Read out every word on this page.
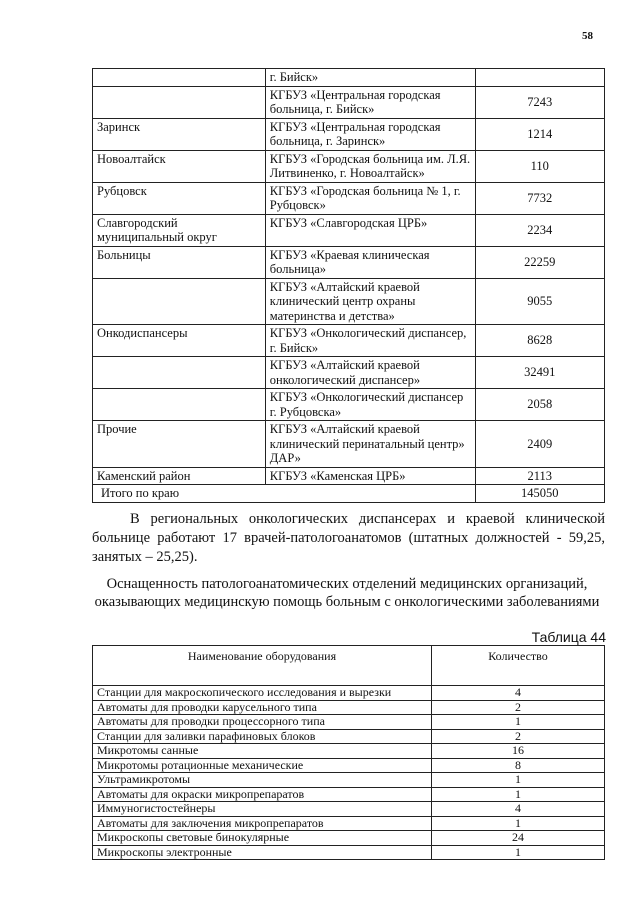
58
	г. Бийск»	
	КГБУЗ «Центральная городская больница, г. Бийск»	7243
Заринск	КГБУЗ «Центральная городская больница, г. Заринск»	1214
Новоалтайск	КГБУЗ «Городская больница им. Л.Я. Литвиненко, г. Новоалтайск»	110
Рубцовск	КГБУЗ «Городская больница № 1, г. Рубцовск»	7732
Славгородский муниципальный округ	КГБУЗ «Славгородская ЦРБ»	2234
Больницы	КГБУЗ «Краевая клиническая больница»	22259
	КГБУЗ «Алтайский краевой клинический центр охраны материнства и детства»	9055
Онкодиспансеры	КГБУЗ «Онкологический диспансер, г. Бийск»	8628
	КГБУЗ «Алтайский краевой онкологический диспансер»	32491
	КГБУЗ «Онкологический диспансер г. Рубцовска»	2058
Прочие	КГБУЗ «Алтайский краевой клинический перинатальный центр» ДАР»	2409
Каменский район	КГБУЗ «Каменская ЦРБ»	2113
Итого по краю		145050

В региональных онкологических диспансерах и краевой клинической больнице работают 17 врачей-патологоанатомов (штатных должностей - 59,25, занятых – 25,25).

Оснащенность патологоанатомических отделений медицинских организаций, оказывающих медицинскую помощь больным с онкологическими заболеваниями

Таблица 44
Наименование оборудования	Количество
Станции для макроскопического исследования и вырезки	4
Автоматы для проводки карусельного типа	2
Автоматы для проводки процессорного типа	1
Станции для заливки парафиновых блоков	2
Микротомы санные	16
Микротомы ротационные механические	8
Ультрамикротомы	1
Автоматы для окраски микропрепаратов	1
Иммуногистостейнеры	4
Автоматы для заключения микропрепаратов	1
Микроскопы световые бинокулярные	24
Микроскопы электронные	1
